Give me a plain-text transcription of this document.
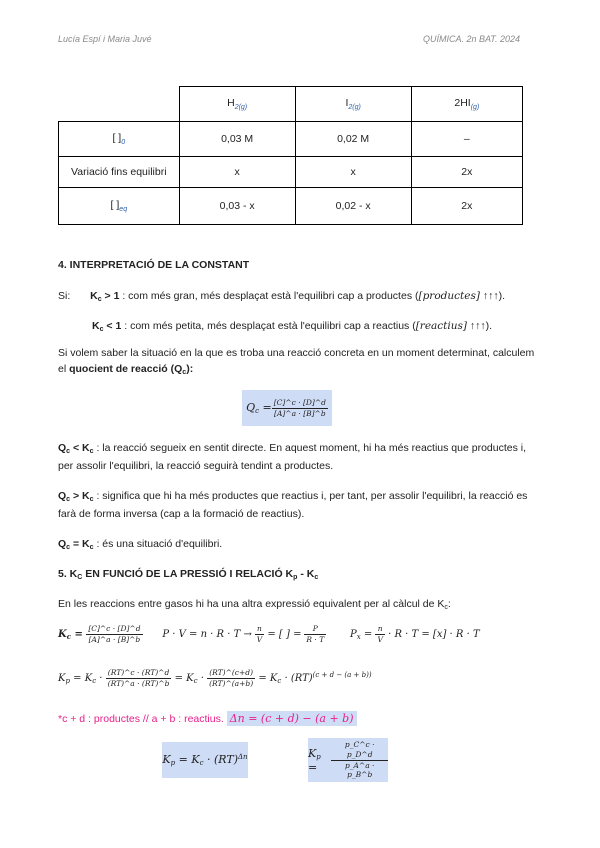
Lucía Espí i Maria Juvé	QUÍMICA. 2n BAT. 2024
	$H_{2(g)}$	$I_{2(g)}$	$2HI_{(g)}$
[ ]$_0$	0,03 M	0,02 M	–
Variació fins equilibri	x	x	2x
[ ]$_{eq}$	0,03 - x	0,02 - x	2x
4. INTERPRETACIÓ DE LA CONSTANT
Si: Kc > 1 : com més gran, més desplaçat està l'equilibri cap a productes ([productes] ↑↑↑).
Kc < 1 : com més petita, més desplaçat està l'equilibri cap a reactius ([reactius] ↑↑↑).
Si volem saber la situació en la que es troba una reacció concreta en un moment determinat, calculem el quocient de reacció (Qc):
$Qc = \frac{[C]\^{}c \cdot [D]\^{}d}{[A]\^{}a \cdot [B]\^{}b}$
Qc < Kc : la reacció segueix en sentit directe. En aquest moment, hi ha més reactius que productes i, per assolir l'equilibri, la reacció seguirà tendint a productes.
Qc > Kc : significa que hi ha més productes que reactius i, per tant, per assolir l'equilibri, la reacció es farà de forma inversa (cap a la formació de reactius).
Qc = Kc : és una situació d'equilibri.
5. KC EN FUNCIÓ DE LA PRESSIÓ I RELACIÓ Kp - Kc
En les reaccions entre gasos hi ha una altra expressió equivalent per al càlcul de Kc:
$K_c = \frac{[C]\^{}c \cdot [D]\^{}d}{[A]\^{}a \cdot [B]\^{}b}$ $P \cdot V = n \cdot R \cdot T \to \frac{n}{V}$ = [ ] = $\frac{P}{R \cdot T} P_x = \frac{n}{V} \cdot R \cdot T = [x] \cdot R \cdot T$
$K_p = K_c \cdot \frac{(RT)\^{}c \cdot (RT)\^{}d}{(RT)\^{}a \cdot (RT)\^{}b} = K_c \cdot \frac{(RT)\^{}(c+d)}{(RT)\^{}(a+b)} = K_c \cdot (RT)^{(c + d - (a + b))}$
*c + d : productes // a + b : reactius. Δn = (c + d) − (a + b)
Kp = Kc · (RT)$^{\Delta n}$	Kp =	$\frac{p\_C\^{}c \cdot p\_D\^{}d}{p\_A\^{}a \cdot p\_B\^{}b}$
